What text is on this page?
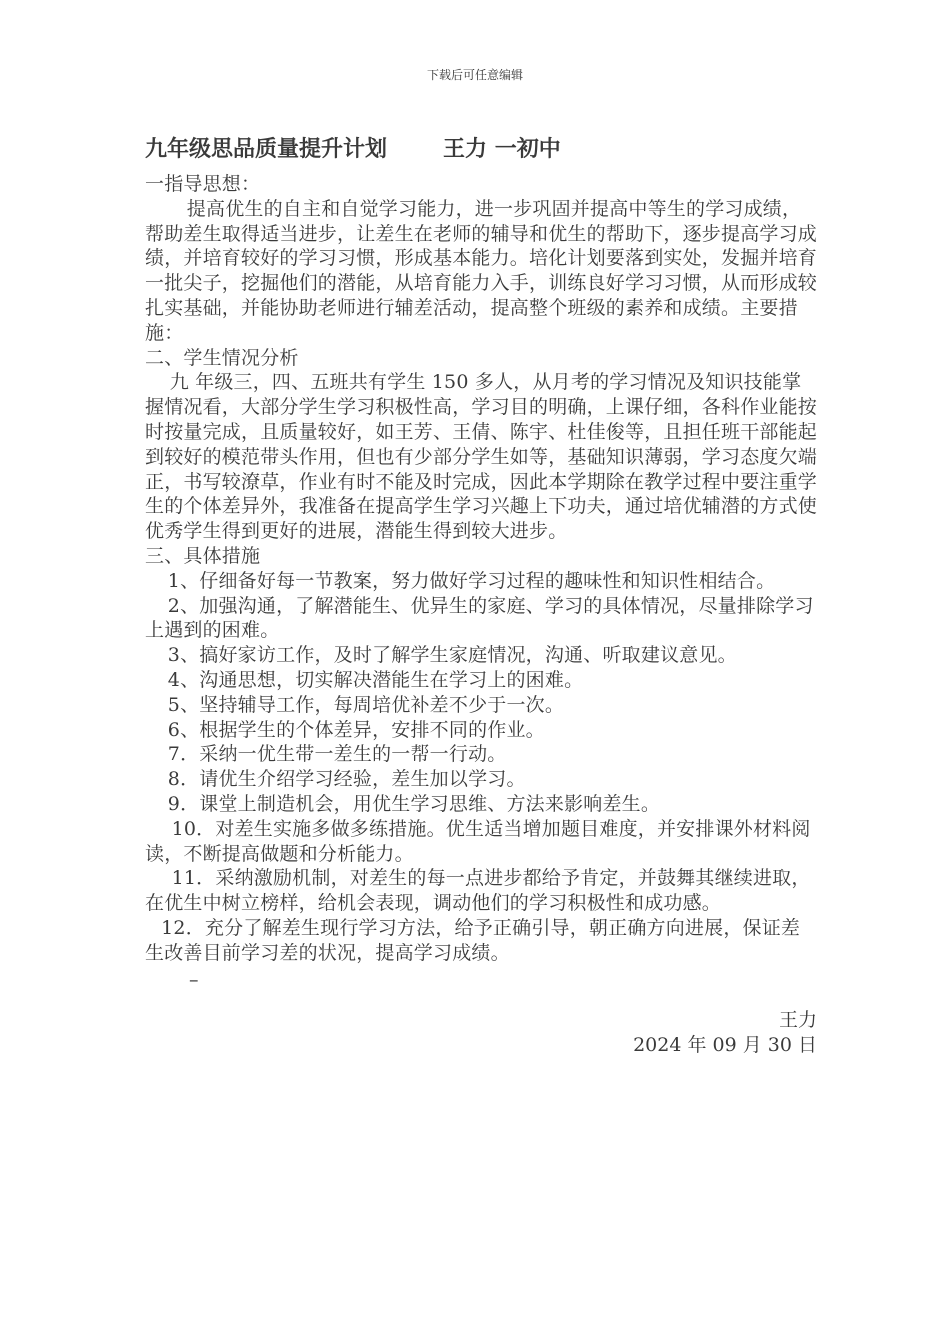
下载后可任意编辑
九年级思品质量提升计划	王力 一初中

一指导思想：

提高优生的自主和自觉学习能力，进一步巩固并提高中等生的学习成绩，帮助差生取得适当进步，让差生在老师的辅导和优生的帮助下，逐步提高学习成绩，并培育较好的学习习惯，形成基本能力。培化计划要落到实处，发掘并培育一批尖子，挖掘他们的潜能，从培育能力入手，训练良好学习习惯，从而形成较扎实基础，并能协助老师进行辅差活动，提高整个班级的素养和成绩。主要措施：

二、学生情况分析

九 年级三，四、五班共有学生 150 多人，从月考的学习情况及知识技能掌握情况看，大部分学生学习积极性高，学习目的明确，上课仔细，各科作业能按时按量完成，且质量较好，如王芳、王倩、陈宇、杜佳俊等，且担任班干部能起到较好的模范带头作用，但也有少部分学生如等，基础知识薄弱，学习态度欠端正，书写较潦草，作业有时不能及时完成，因此本学期除在教学过程中要注重学生的个体差异外，我准备在提高学生学习兴趣上下功夫，通过培优辅潜的方式使优秀学生得到更好的进展，潜能生得到较大进步。

三、具体措施

1、仔细备好每一节教案，努力做好学习过程的趣味性和知识性相结合。

2、加强沟通，了解潜能生、优异生的家庭、学习的具体情况，尽量排除学习上遇到的困难。

3、搞好家访工作，及时了解学生家庭情况，沟通、听取建议意见。

4、沟通思想，切实解决潜能生在学习上的困难。

5、坚持辅导工作，每周培优补差不少于一次。

6、根据学生的个体差异，安排不同的作业。

7．采纳一优生带一差生的一帮一行动。

8．请优生介绍学习经验，差生加以学习。

9．课堂上制造机会，用优生学习思维、方法来影响差生。

10．对差生实施多做多练措施。优生适当增加题目难度，并安排课外材料阅读，不断提高做题和分析能力。

11．采纳激励机制，对差生的每一点进步都给予肯定，并鼓舞其继续进取，在优生中树立榜样，给机会表现，调动他们的学习积极性和成功感。

12．充分了解差生现行学习方法，给予正确引导，朝正确方向进展，保证差生改善目前学习差的状况，提高学习成绩。

–

王力

2024 年 09 月 30 日
